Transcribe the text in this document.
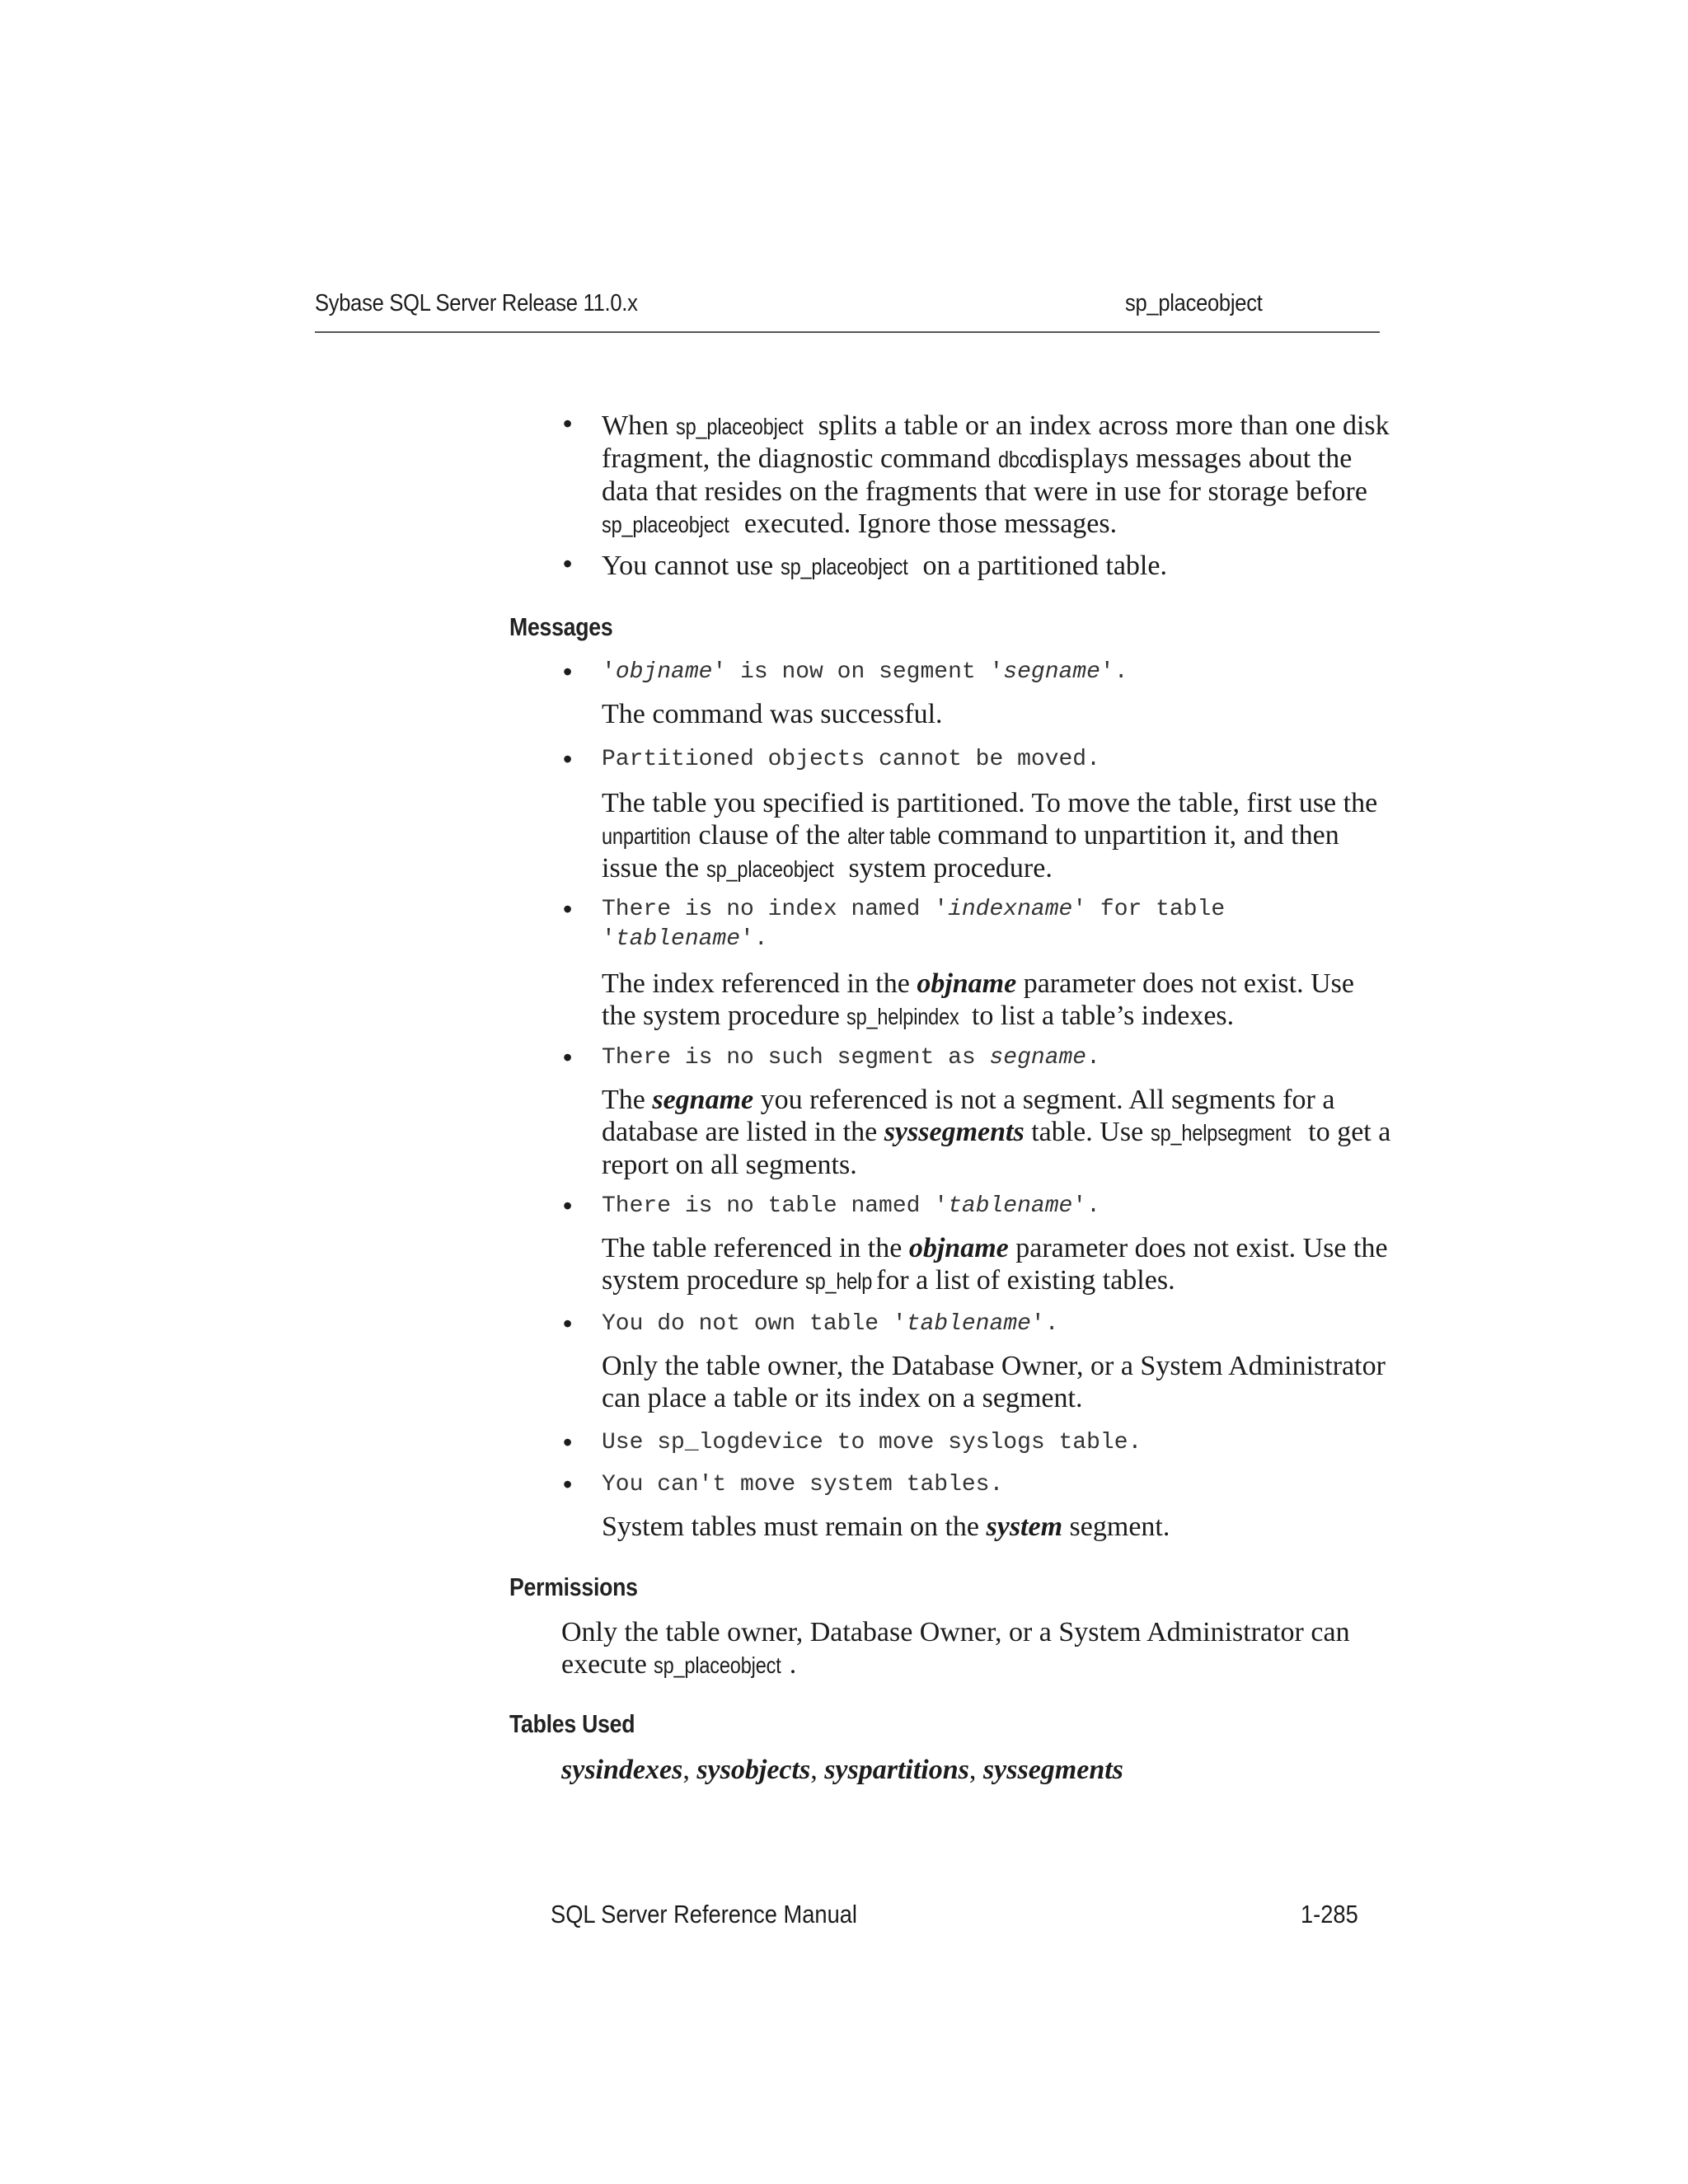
Sybase SQL Server Release 11.0.x	sp_placeobject
• When sp_placeobject splits a table or an index across more than one disk fragment, the diagnostic command dbcc displays messages about the data that resides on the fragments that were in use for storage before sp_placeobject executed. Ignore those messages.
• You cannot use sp_placeobject on a partitioned table.
Messages
• 'objname' is now on segment 'segname'.
The command was successful.
• Partitioned objects cannot be moved.
The table you specified is partitioned. To move the table, first use the unpartition clause of the alter table command to unpartition it, and then issue the sp_placeobject system procedure.
• There is no index named 'indexname' for table
'tablename'.
The index referenced in the objname parameter does not exist. Use the system procedure sp_helpindex to list a table’s indexes.
• There is no such segment as segname.
The segname you referenced is not a segment. All segments for a database are listed in the syssegments table. Use sp_helpsegment to get a report on all segments.
• There is no table named 'tablename'.
The table referenced in the objname parameter does not exist. Use the system procedure sp_help for a list of existing tables.
• You do not own table 'tablename'.
Only the table owner, the Database Owner, or a System Administrator can place a table or its index on a segment.
• Use sp_logdevice to move syslogs table.
• You can't move system tables.
System tables must remain on the system segment.
Permissions
Only the table owner, Database Owner, or a System Administrator can execute sp_placeobject .
Tables Used
sysindexes, sysobjects, syspartitions, syssegments
SQL Server Reference Manual	1-285
